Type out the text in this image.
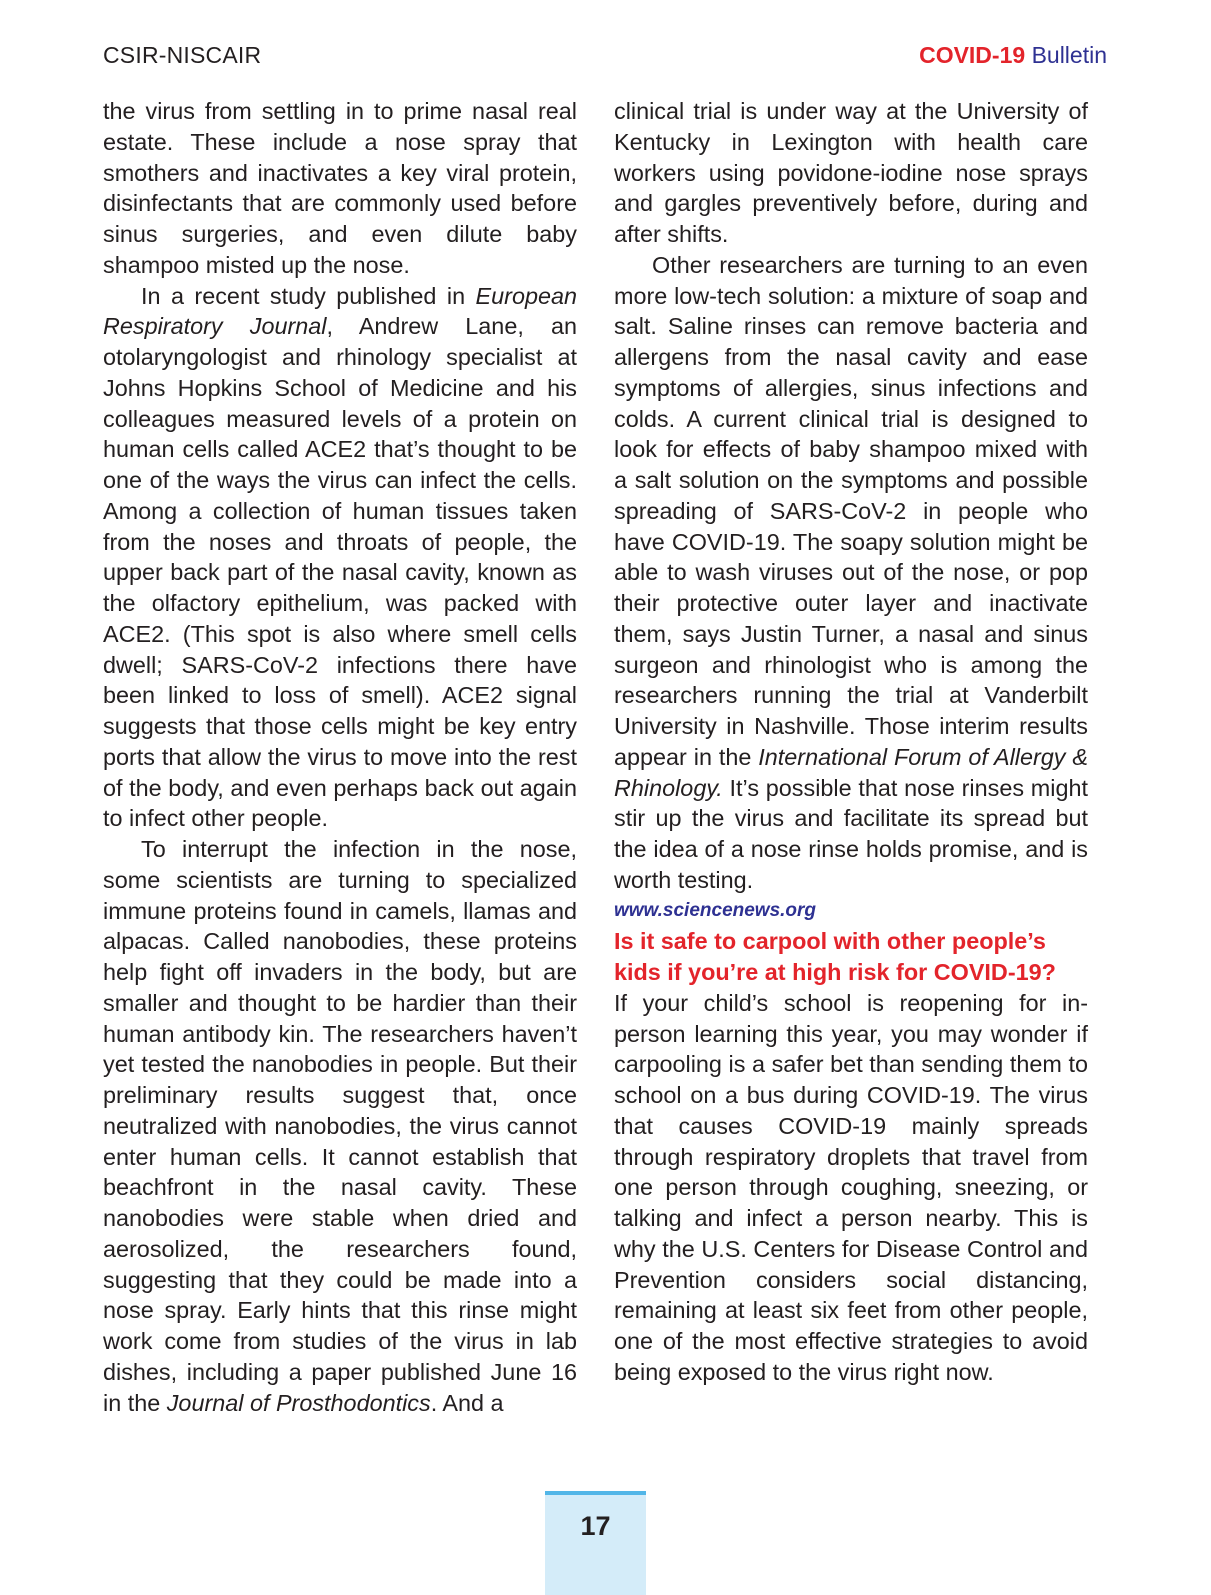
CSIR-NISCAIR	COVID-19 Bulletin

the virus from settling in to prime nasal real estate. These include a nose spray that smothers and inactivates a key viral protein, disinfectants that are commonly used before sinus surgeries, and even dilute baby shampoo misted up the nose.

In a recent study published in European Respiratory Journal, Andrew Lane, an otolaryngologist and rhinology specialist at Johns Hopkins School of Medicine and his colleagues measured levels of a protein on human cells called ACE2 that’s thought to be one of the ways the virus can infect the cells. Among a collection of human tissues taken from the noses and throats of people, the upper back part of the nasal cavity, known as the olfactory epithelium, was packed with ACE2. (This spot is also where smell cells dwell; SARS-CoV-2 infections there have been linked to loss of smell). ACE2 signal suggests that those cells might be key entry ports that allow the virus to move into the rest of the body, and even perhaps back out again to infect other people.

To interrupt the infection in the nose, some scientists are turning to specialized immune proteins found in camels, llamas and alpacas. Called nanobodies, these proteins help fight off invaders in the body, but are smaller and thought to be hardier than their human antibody kin. The researchers haven’t yet tested the nanobodies in people. But their preliminary results suggest that, once neutralized with nanobodies, the virus cannot enter human cells. It cannot establish that beachfront in the nasal cavity. These nanobodies were stable when dried and aerosolized, the researchers found, suggesting that they could be made into a nose spray. Early hints that this rinse might work come from studies of the virus in lab dishes, including a paper published June 16 in the Journal of Prosthodontics. And a

clinical trial is under way at the University of Kentucky in Lexington with health care workers using povidone-iodine nose sprays and gargles preventively before, during and after shifts.

Other researchers are turning to an even more low-tech solution: a mixture of soap and salt. Saline rinses can remove bacteria and allergens from the nasal cavity and ease symptoms of allergies, sinus infections and colds. A current clinical trial is designed to look for effects of baby shampoo mixed with a salt solution on the symptoms and possible spreading of SARS-CoV-2 in people who have COVID-19. The soapy solution might be able to wash viruses out of the nose, or pop their protective outer layer and inactivate them, says Justin Turner, a nasal and sinus surgeon and rhinologist who is among the researchers running the trial at Vanderbilt University in Nashville. Those interim results appear in the International Forum of Allergy & Rhinology. It’s possible that nose rinses might stir up the virus and facilitate its spread but the idea of a nose rinse holds promise, and is worth testing.

www.sciencenews.org

Is it safe to carpool with other people’s kids if you’re at high risk for COVID-19?

If your child’s school is reopening for in-person learning this year, you may wonder if carpooling is a safer bet than sending them to school on a bus during COVID-19. The virus that causes COVID-19 mainly spreads through respiratory droplets that travel from one person through coughing, sneezing, or talking and infect a person nearby. This is why the U.S. Centers for Disease Control and Prevention considers social distancing, remaining at least six feet from other people, one of the most effective strategies to avoid being exposed to the virus right now.

17
